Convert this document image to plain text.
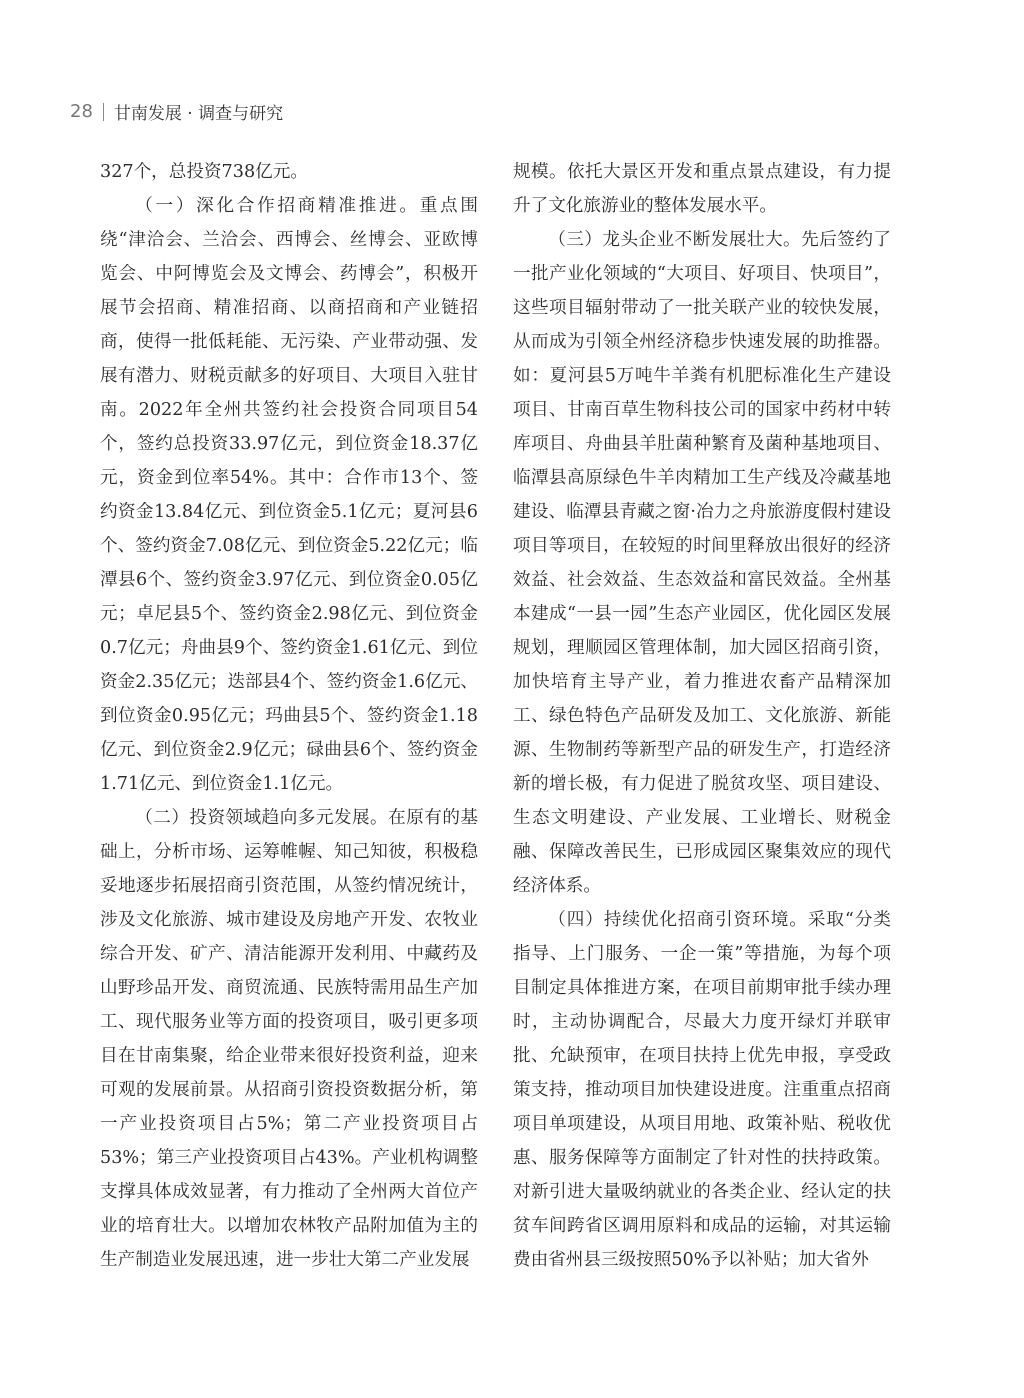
28 甘南发展 · 调查与研究

327个，总投资738亿元。

（一）深化合作招商精准推进。重点围绕“津洽会、兰洽会、西博会、丝博会、亚欧博览会、中阿博览会及文博会、药博会”，积极开展节会招商、精准招商、以商招商和产业链招商，使得一批低耗能、无污染、产业带动强、发展有潜力、财税贡献多的好项目、大项目入驻甘南。2022年全州共签约社会投资合同项目54个，签约总投资33.97亿元，到位资金18.37亿元，资金到位率54%。其中：合作市13个、签约资金13.84亿元、到位资金5.1亿元；夏河县6个、签约资金7.08亿元、到位资金5.22亿元；临潭县6个、签约资金3.97亿元、到位资金0.05亿元；卓尼县5个、签约资金2.98亿元、到位资金0.7亿元；舟曲县9个、签约资金1.61亿元、到位资金2.35亿元；迭部县4个、签约资金1.6亿元、到位资金0.95亿元；玛曲县5个、签约资金1.18亿元、到位资金2.9亿元；碌曲县6个、签约资金1.71亿元、到位资金1.1亿元。

（二）投资领域趋向多元发展。在原有的基础上，分析市场、运筹帷幄、知己知彼，积极稳妥地逐步拓展招商引资范围，从签约情况统计，涉及文化旅游、城市建设及房地产开发、农牧业综合开发、矿产、清洁能源开发利用、中藏药及山野珍品开发、商贸流通、民族特需用品生产加工、现代服务业等方面的投资项目，吸引更多项目在甘南集聚，给企业带来很好投资利益，迎来可观的发展前景。从招商引资投资数据分析，第一产业投资项目占5%；第二产业投资项目占53%；第三产业投资项目占43%。产业机构调整支撑具体成效显著，有力推动了全州两大首位产业的培育壮大。以增加农林牧产品附加值为主的生产制造业发展迅速，进一步壮大第二产业发展

规模。依托大景区开发和重点景点建设，有力提升了文化旅游业的整体发展水平。

（三）龙头企业不断发展壮大。先后签约了一批产业化领域的“大项目、好项目、快项目”，这些项目辐射带动了一批关联产业的较快发展，从而成为引领全州经济稳步快速发展的助推器。如：夏河县5万吨牛羊粪有机肥标准化生产建设项目、甘南百草生物科技公司的国家中药材中转库项目、舟曲县羊肚菌种繁育及菌种基地项目、临潭县高原绿色牛羊肉精加工生产线及冷藏基地建设、临潭县青藏之窗·冶力之舟旅游度假村建设项目等项目，在较短的时间里释放出很好的经济效益、社会效益、生态效益和富民效益。全州基本建成“一县一园”生态产业园区，优化园区发展规划，理顺园区管理体制，加大园区招商引资，加快培育主导产业，着力推进农畜产品精深加工、绿色特色产品研发及加工、文化旅游、新能源、生物制药等新型产品的研发生产，打造经济新的增长极，有力促进了脱贫攻坚、项目建设、生态文明建设、产业发展、工业增长、财税金融、保障改善民生，已形成园区聚集效应的现代经济体系。

（四）持续优化招商引资环境。采取“分类指导、上门服务、一企一策”等措施，为每个项目制定具体推进方案，在项目前期审批手续办理时，主动协调配合，尽最大力度开绿灯并联审批、允缺预审，在项目扶持上优先申报，享受政策支持，推动项目加快建设进度。注重重点招商项目单项建设，从项目用地、政策补贴、税收优惠、服务保障等方面制定了针对性的扶持政策。对新引进大量吸纳就业的各类企业、经认定的扶贫车间跨省区调用原料和成品的运输，对其运输费由省州县三级按照50%予以补贴；加大省外
